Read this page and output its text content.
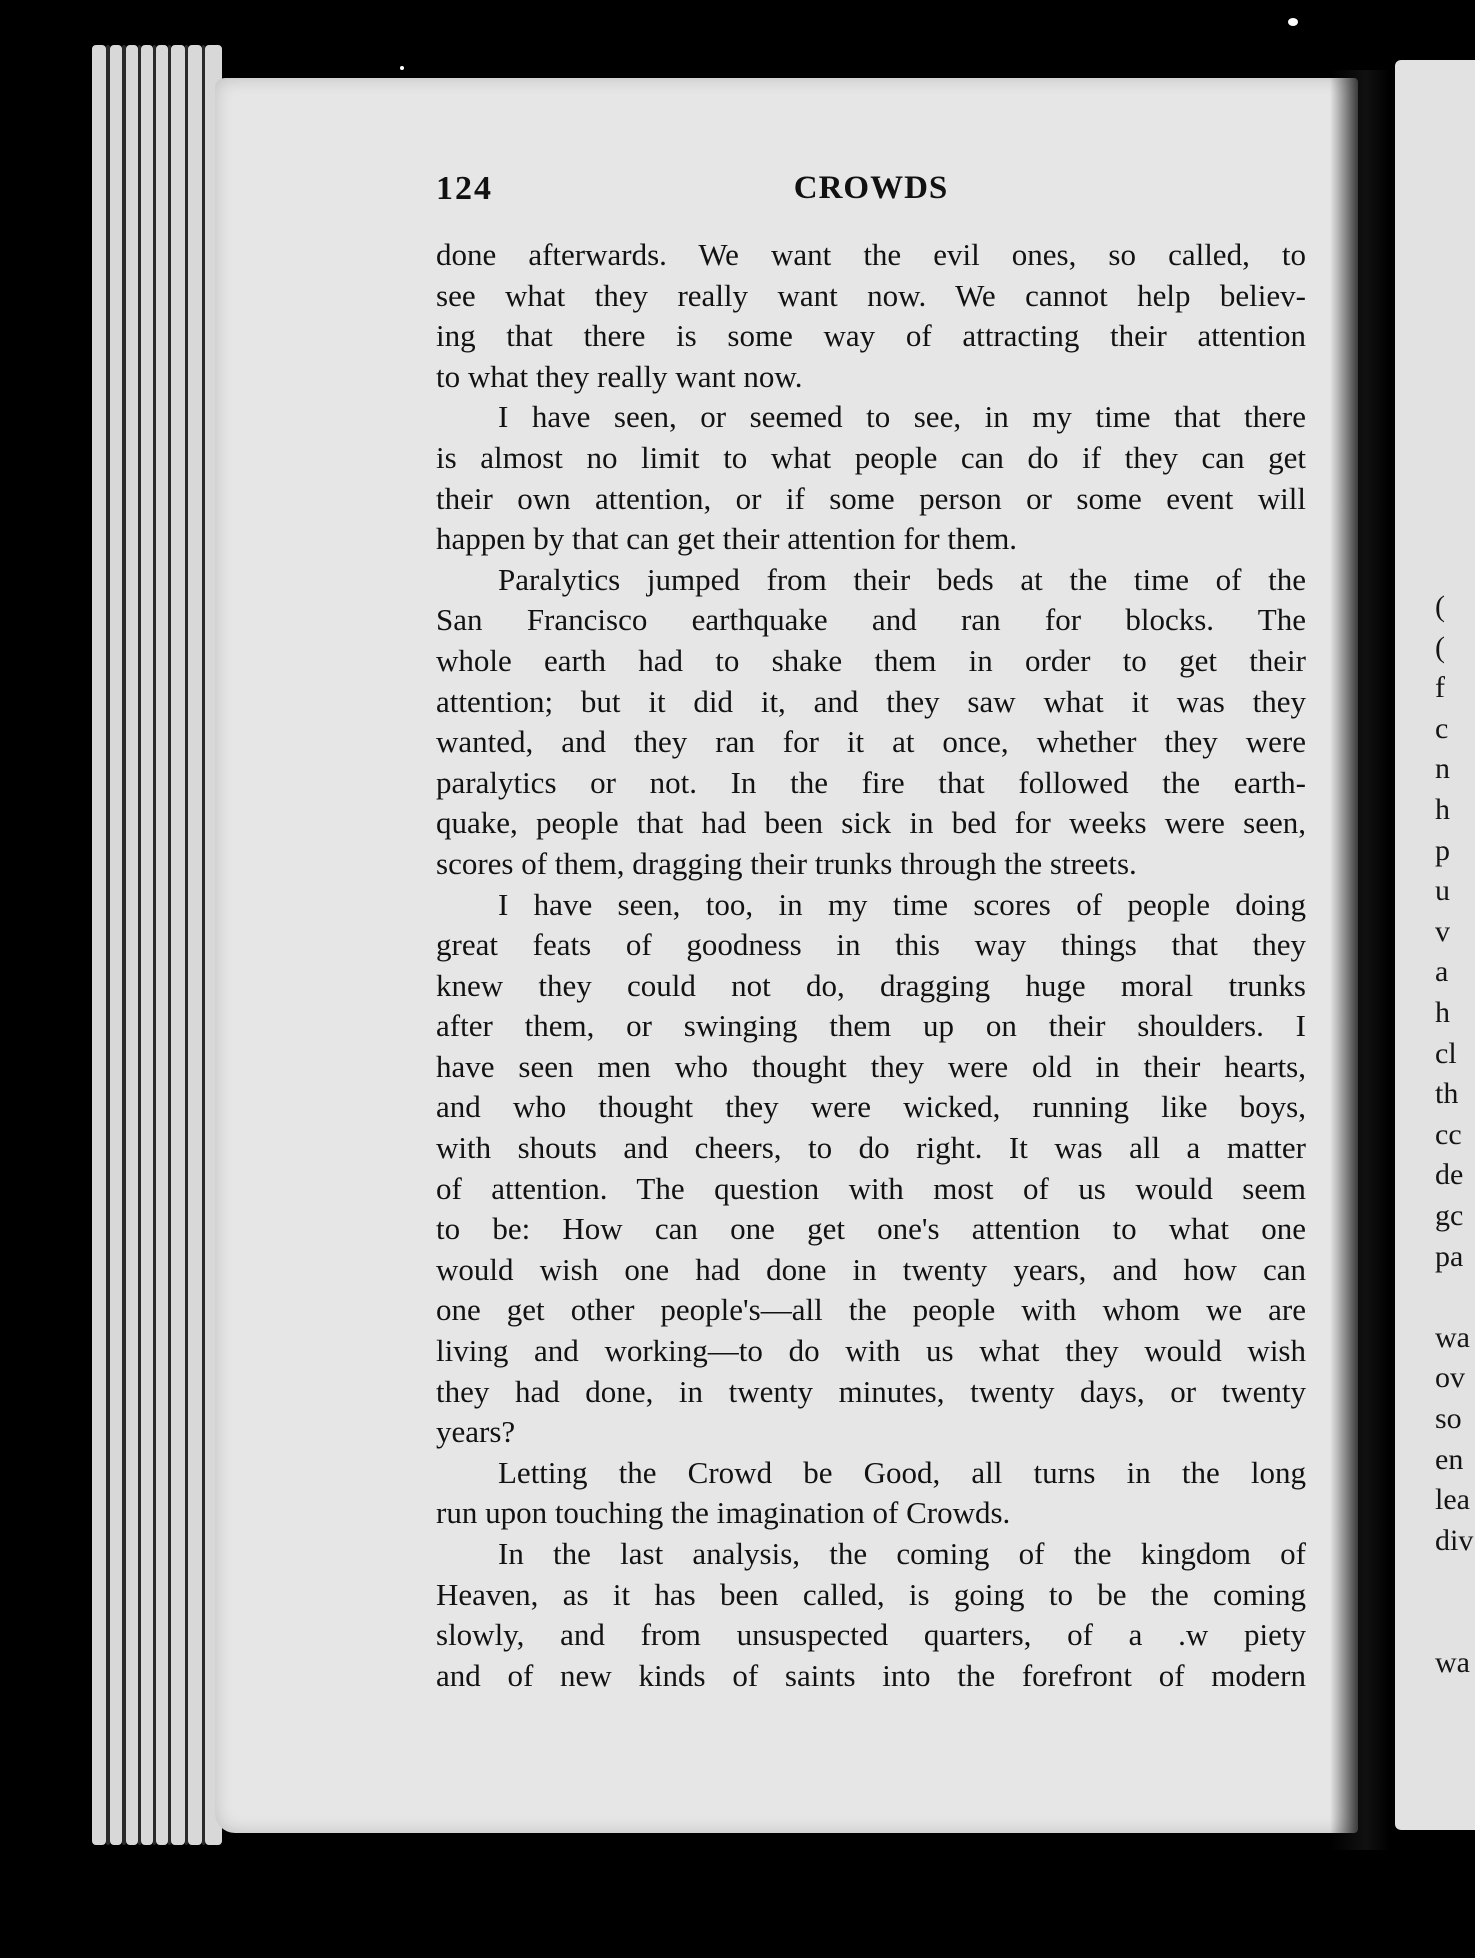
(
(
f
c
n
h
p
u
v
a
h
cl
th
cc
de
gc
pa
wa
ov
so
en
lea
div
wa
124	CROWDS
done afterwards. We want the evil ones, so called, to
see what they really want now. We cannot help believ-
ing that there is some way of attracting their attention
to what they really want now.
I have seen, or seemed to see, in my time that there
is almost no limit to what people can do if they can get
their own attention, or if some person or some event will
happen by that can get their attention for them.
Paralytics jumped from their beds at the time of the
San Francisco earthquake and ran for blocks. The
whole earth had to shake them in order to get their
attention; but it did it, and they saw what it was they
wanted, and they ran for it at once, whether they were
paralytics or not. In the fire that followed the earth-
quake, people that had been sick in bed for weeks were seen,
scores of them, dragging their trunks through the streets.
I have seen, too, in my time scores of people doing
great feats of goodness in this way things that they
knew they could not do, dragging huge moral trunks
after them, or swinging them up on their shoulders. I
have seen men who thought they were old in their hearts,
and who thought they were wicked, running like boys,
with shouts and cheers, to do right. It was all a matter
of attention. The question with most of us would seem
to be: How can one get one's attention to what one
would wish one had done in twenty years, and how can
one get other people's—all the people with whom we are
living and working—to do with us what they would wish
they had done, in twenty minutes, twenty days, or twenty
years?
Letting the Crowd be Good, all turns in the long
run upon touching the imagination of Crowds.
In the last analysis, the coming of the kingdom of
Heaven, as it has been called, is going to be the coming
slowly, and from unsuspected quarters, of a .w piety
and of new kinds of saints into the forefront of modern
